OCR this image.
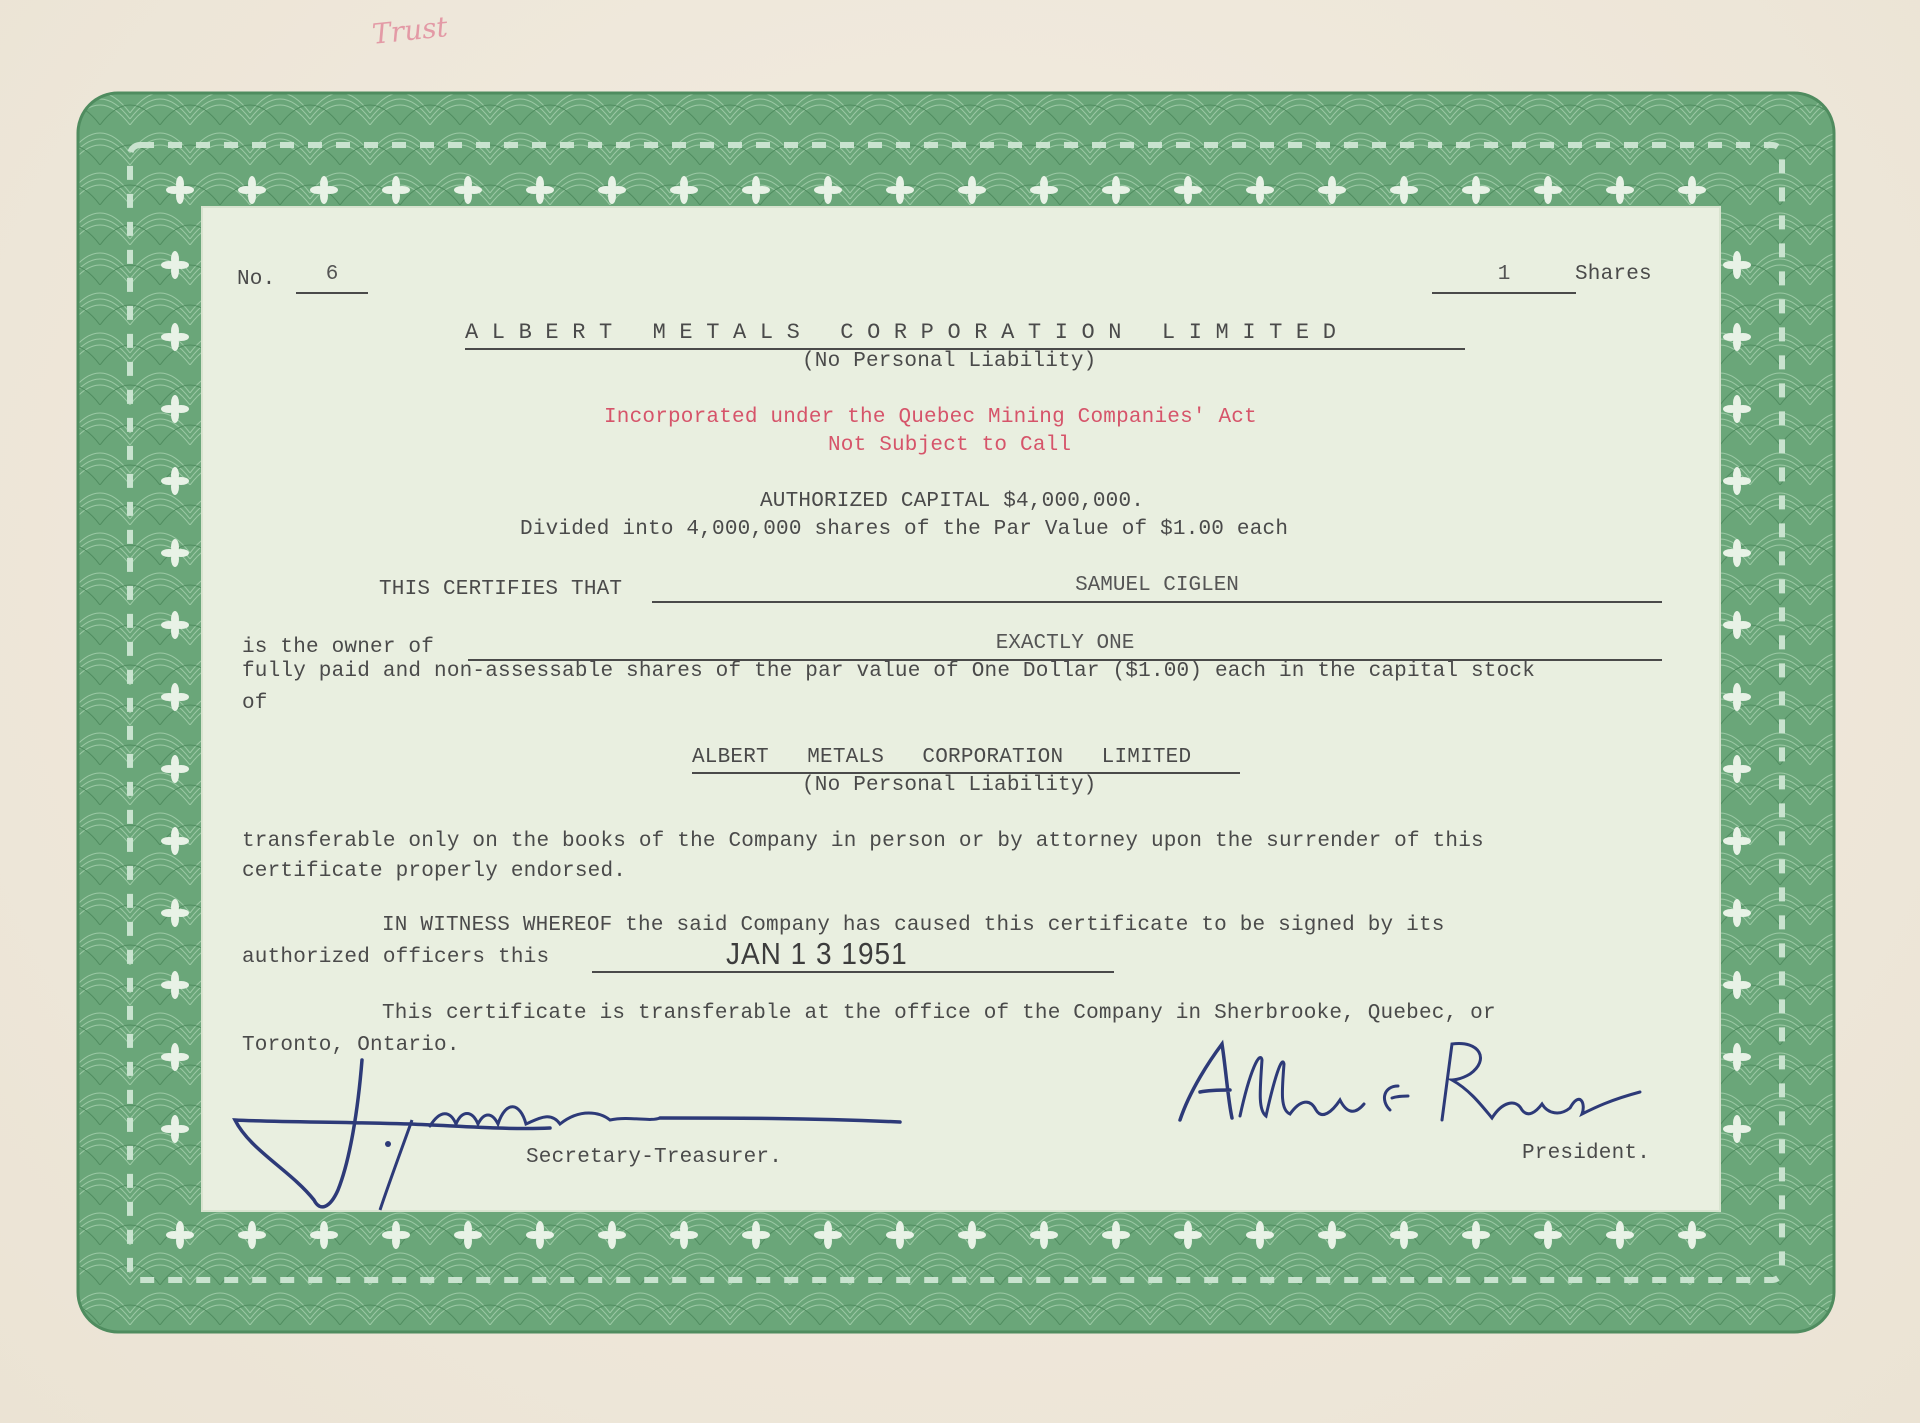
Trust
No.	6	1	Shares
A L B E R T   M E T A L S   C O R P O R A T I O N   L I M I T E D
(No Personal Liability)
Incorporated under the Quebec Mining Companies' Act
Not Subject to Call
AUTHORIZED CAPITAL $4,000,000.
Divided into 4,000,000 shares of the Par Value of $1.00 each
THIS CERTIFIES THAT	SAMUEL CIGLEN
is the owner of	EXACTLY ONE
fully paid and non-assessable shares of the par value of One Dollar ($1.00) each in the capital stock
of
ALBERT   METALS   CORPORATION   LIMITED
(No Personal Liability)
transferable only on the books of the Company in person or by attorney upon the surrender of this
certificate properly endorsed.
IN WITNESS WHEREOF the said Company has caused this certificate to be signed by its
authorized officers this	JAN 1 3 1951
This certificate is transferable at the office of the Company in Sherbrooke, Quebec, or
Toronto, Ontario.
Secretary-Treasurer.	President.
